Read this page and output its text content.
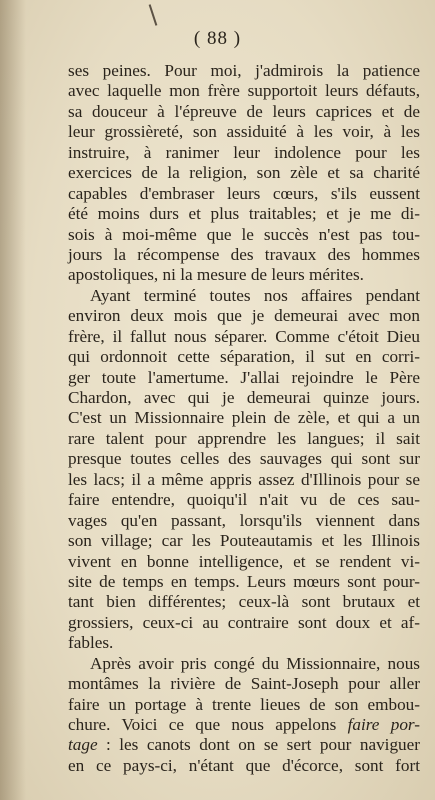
( 88 )
ses peines. Pour moi, j'admirois la patience
avec laquelle mon frère supportoit leurs défauts,
sa douceur à l'épreuve de leurs caprices et de
leur grossièreté, son assiduité à les voir, à les
instruire, à ranimer leur indolence pour les
exercices de la religion, son zèle et sa charité
capables d'embraser leurs cœurs, s'ils eussent
été moins durs et plus traitables; et je me di-
sois à moi-même que le succès n'est pas tou-
jours la récompense des travaux des hommes
apostoliques, ni la mesure de leurs mérites.
Ayant terminé toutes nos affaires pendant
environ deux mois que je demeurai avec mon
frère, il fallut nous séparer. Comme c'étoit Dieu
qui ordonnoit cette séparation, il sut en corri-
ger toute l'amertume. J'allai rejoindre le Père
Chardon, avec qui je demeurai quinze jours.
C'est un Missionnaire plein de zèle, et qui a un
rare talent pour apprendre les langues; il sait
presque toutes celles des sauvages qui sont sur
les lacs; il a même appris assez d'Illinois pour se
faire entendre, quoiqu'il n'ait vu de ces sau-
vages qu'en passant, lorsqu'ils viennent dans
son village; car les Pouteautamis et les Illinois
vivent en bonne intelligence, et se rendent vi-
site de temps en temps. Leurs mœurs sont pour-
tant bien différentes; ceux-là sont brutaux et
grossiers, ceux-ci au contraire sont doux et af-
fables.
Après avoir pris congé du Missionnaire, nous
montâmes la rivière de Saint-Joseph pour aller
faire un portage à trente lieues de son embou-
chure. Voici ce que nous appelons faire por-
tage : les canots dont on se sert pour naviguer
en ce pays-ci, n'étant que d'écorce, sont fort
